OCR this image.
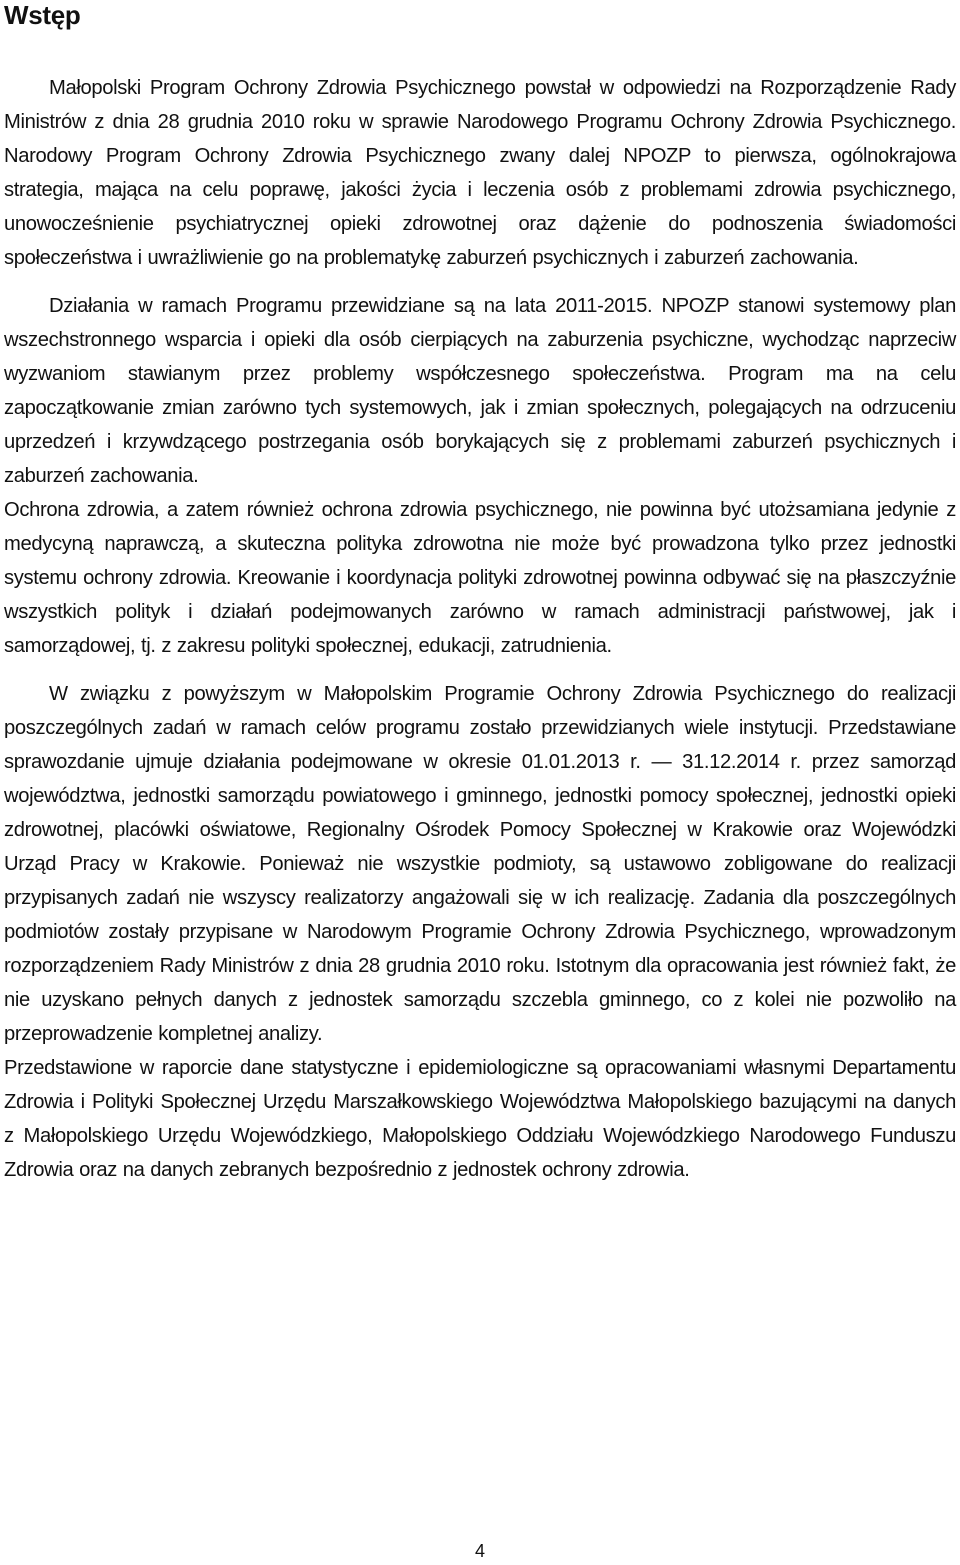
Wstęp

Małopolski Program Ochrony Zdrowia Psychicznego powstał w odpowiedzi na Rozporządzenie Rady Ministrów z dnia 28 grudnia 2010 roku w sprawie Narodowego Programu Ochrony Zdrowia Psychicznego. Narodowy Program Ochrony Zdrowia Psychicznego zwany dalej NPOZP to pierwsza, ogólnokrajowa strategia, mająca na celu poprawę, jakości życia i leczenia osób z problemami zdrowia psychicznego, unowocześnienie psychiatrycznej opieki zdrowotnej oraz dążenie do podnoszenia świadomości społeczeństwa i uwrażliwienie go na problematykę zaburzeń psychicznych i zaburzeń zachowania.

Działania w ramach Programu przewidziane są na lata 2011-2015. NPOZP stanowi systemowy plan wszechstronnego wsparcia i opieki dla osób cierpiących na zaburzenia psychiczne, wychodząc naprzeciw wyzwaniom stawianym przez problemy współczesnego społeczeństwa. Program ma na celu zapoczątkowanie zmian zarówno tych systemowych, jak i zmian społecznych, polegających na odrzuceniu uprzedzeń i krzywdzącego postrzegania osób borykających się z problemami zaburzeń psychicznych i zaburzeń zachowania.

Ochrona zdrowia, a zatem również ochrona zdrowia psychicznego, nie powinna być utożsamiana jedynie z medycyną naprawczą, a skuteczna polityka zdrowotna nie może być prowadzona tylko przez jednostki systemu ochrony zdrowia. Kreowanie i koordynacja polityki zdrowotnej powinna odbywać się na płaszczyźnie wszystkich polityk i działań podejmowanych zarówno w ramach administracji państwowej, jak i samorządowej, tj. z zakresu polityki społecznej, edukacji, zatrudnienia.

W związku z powyższym w Małopolskim Programie Ochrony Zdrowia Psychicznego do realizacji poszczególnych zadań w ramach celów programu zostało przewidzianych wiele instytucji. Przedstawiane sprawozdanie ujmuje działania podejmowane w okresie 01.01.2013 r. — 31.12.2014 r. przez samorząd województwa, jednostki samorządu powiatowego i gminnego, jednostki pomocy społecznej, jednostki opieki zdrowotnej, placówki oświatowe, Regionalny Ośrodek Pomocy Społecznej w Krakowie oraz Wojewódzki Urząd Pracy w Krakowie. Ponieważ nie wszystkie podmioty, są ustawowo zobligowane do realizacji przypisanych zadań nie wszyscy realizatorzy angażowali się w ich realizację. Zadania dla poszczególnych podmiotów zostały przypisane w Narodowym Programie Ochrony Zdrowia Psychicznego, wprowadzonym rozporządzeniem Rady Ministrów z dnia 28 grudnia 2010 roku. Istotnym dla opracowania jest również fakt, że nie uzyskano pełnych danych z jednostek samorządu szczebla gminnego, co z kolei nie pozwoliło na przeprowadzenie kompletnej analizy.

Przedstawione w raporcie dane statystyczne i epidemiologiczne są opracowaniami własnymi Departamentu Zdrowia i Polityki Społecznej Urzędu Marszałkowskiego Województwa Małopolskiego bazującymi na danych z Małopolskiego Urzędu Wojewódzkiego, Małopolskiego Oddziału Wojewódzkiego Narodowego Funduszu Zdrowia oraz na danych zebranych bezpośrednio z jednostek ochrony zdrowia.

4
